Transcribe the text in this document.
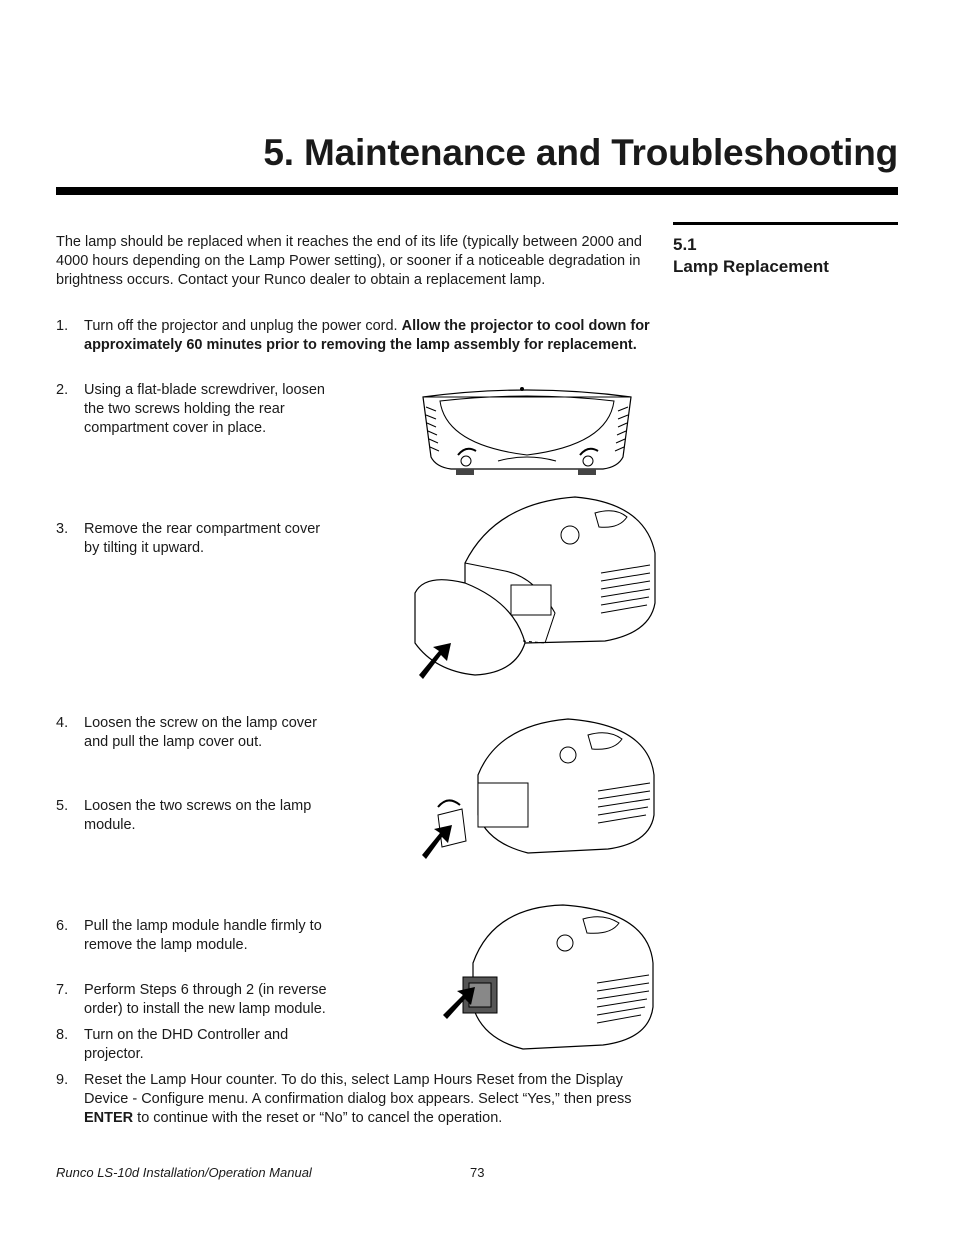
5. Maintenance and Troubleshooting
5.1
Lamp Replacement

The lamp should be replaced when it reaches the end of its life (typically between 2000 and 4000 hours depending on the Lamp Power setting), or sooner if a noticeable degradation in brightness occurs. Contact your Runco dealer to obtain a replacement lamp.

1. Turn off the projector and unplug the power cord. Allow the projector to cool down for approximately 60 minutes prior to removing the lamp assembly for replacement.
2. Using a flat-blade screwdriver, loosen the two screws holding the rear compartment cover in place.
3. Remove the rear compartment cover by tilting it upward.
4. Loosen the screw on the lamp cover and pull the lamp cover out.
5. Loosen the two screws on the lamp module.
6. Pull the lamp module handle firmly to remove the lamp module.
7. Perform Steps 6 through 2 (in reverse order) to install the new lamp module.
8. Turn on the DHD Controller and projector.
9. Reset the Lamp Hour counter. To do this, select Lamp Hours Reset from the Display Device - Configure menu. A confirmation dialog box appears. Select “Yes,” then press ENTER to continue with the reset or “No” to cancel the operation.
Runco LS-10d Installation/Operation Manual	73
